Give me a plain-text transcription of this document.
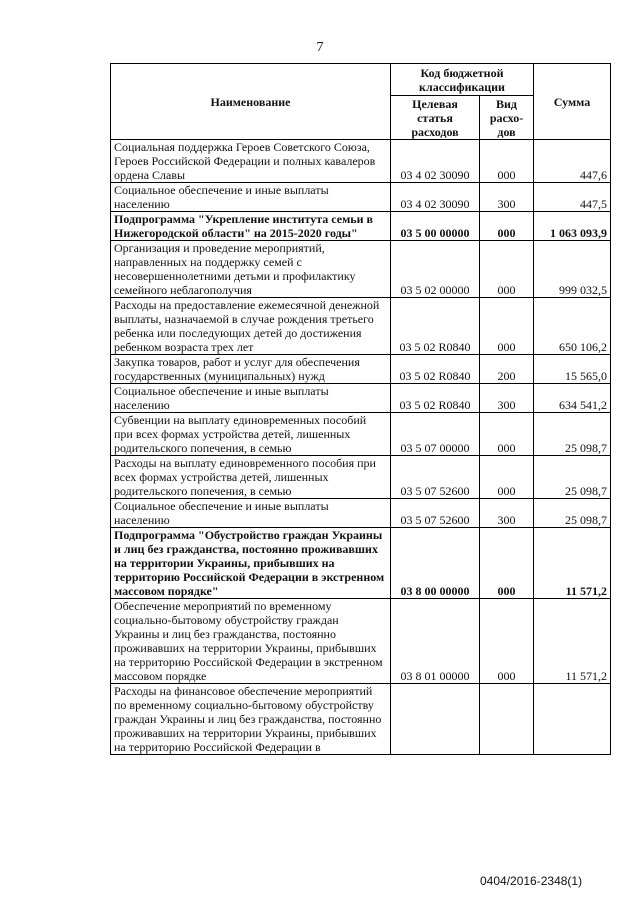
7
Наименование	Код бюджетной классификации		Сумма
	Целевая статья расходов	Вид расхо-дов	
Социальная поддержка Героев Советского Союза, Героев Российской Федерации и полных кавалеров ордена Славы	03 4 02 30090	000	447,6
Социальное обеспечение и иные выплаты населению	03 4 02 30090	300	447,5
Подпрограмма "Укрепление института семьи в Нижегородской области" на 2015-2020 годы"	03 5 00 00000	000	1 063 093,9
Организация и проведение мероприятий, направленных на поддержку семей с несовершеннолетними детьми и профилактику семейного неблагополучия	03 5 02 00000	000	999 032,5
Расходы на предоставление ежемесячной денежной выплаты, назначаемой в случае рождения третьего ребенка или последующих детей до достижения ребенком возраста трех лет	03 5 02 R0840	000	650 106,2
Закупка товаров, работ и услуг для обеспечения государственных (муниципальных) нужд	03 5 02 R0840	200	15 565,0
Социальное обеспечение и иные выплаты населению	03 5 02 R0840	300	634 541,2
Субвенции на выплату единовременных пособий при всех формах устройства детей, лишенных родительского попечения, в семью	03 5 07 00000	000	25 098,7
Расходы на выплату единовременного пособия при всех формах устройства детей, лишенных родительского попечения, в семью	03 5 07 52600	000	25 098,7
Социальное обеспечение и иные выплаты населению	03 5 07 52600	300	25 098,7
Подпрограмма "Обустройство граждан Украины и лиц без гражданства, постоянно проживавших на территории Украины, прибывших на территорию Российской Федерации в экстренном массовом порядке"	03 8 00 00000	000	11 571,2
Обеспечение мероприятий по временному социально-бытовому обустройству граждан Украины и лиц без гражданства, постоянно проживавших на территории Украины, прибывших на территорию Российской Федерации в экстренном массовом порядке	03 8 01 00000	000	11 571,2
Расходы на финансовое обеспечение мероприятий по временному социально-бытовому обустройству граждан Украины и лиц без гражданства, постоянно проживавших на территории Украины, прибывших на территорию Российской Федерации в			
0404/2016-2348(1)
